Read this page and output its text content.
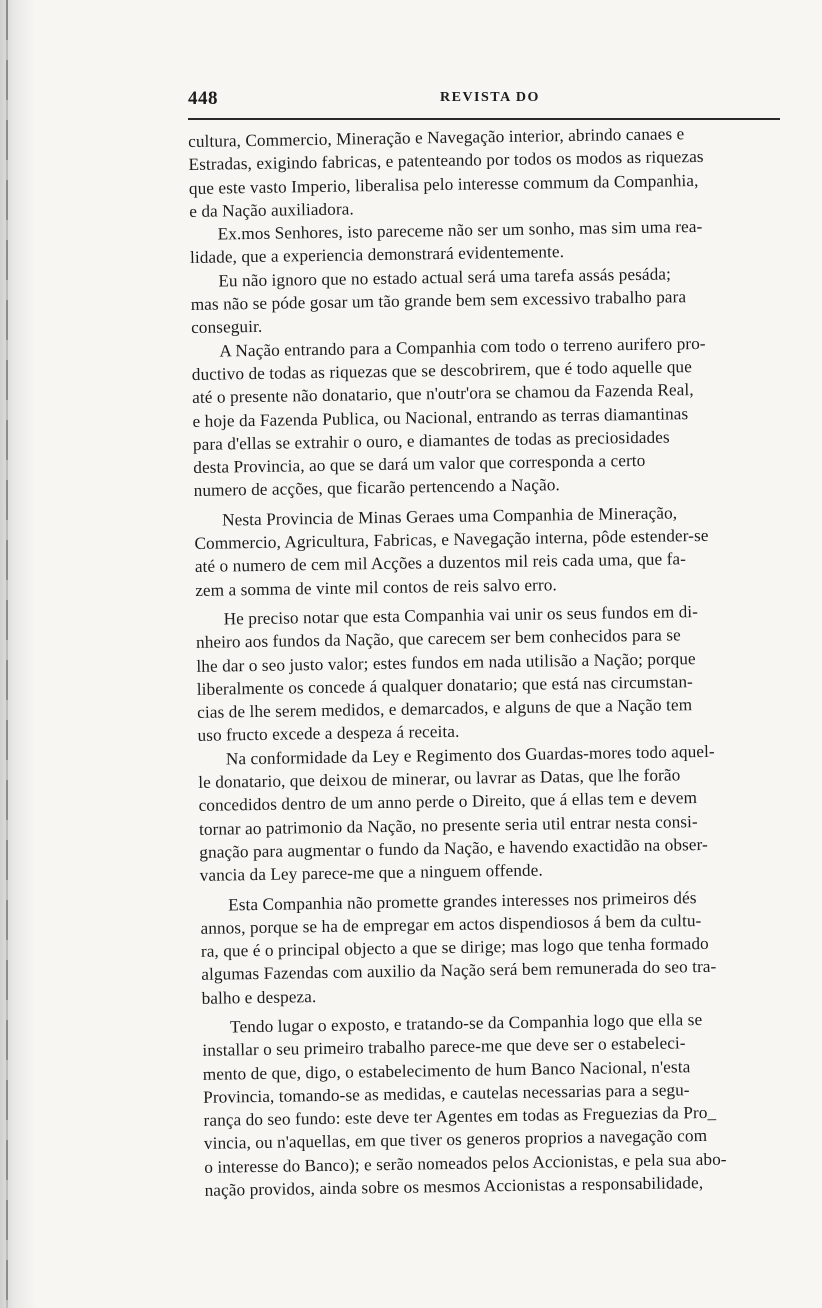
448	REVISTA DO
cultura, Commercio, Mineração e Navegação interior, abrindo canaes e
Estradas, exigindo fabricas, e patenteando por todos os modos as riquezas
que este vasto Imperio, liberalisa pelo interesse commum da Companhia,
e da Nação auxiliadora.
Ex.mos Senhores, isto pareceme não ser um sonho, mas sim uma rea-
lidade, que a experiencia demonstrará evidentemente.
Eu não ignoro que no estado actual será uma tarefa assás pesáda;
mas não se póde gosar um tão grande bem sem excessivo trabalho para
conseguir.
A Nação entrando para a Companhia com todo o terreno aurifero pro-
ductivo de todas as riquezas que se descobrirem, que é todo aquelle que
até o presente não donatario, que n'outr'ora se chamou da Fazenda Real,
e hoje da Fazenda Publica, ou Nacional, entrando as terras diamantinas
para d'ellas se extrahir o ouro, e diamantes de todas as preciosidades
desta Provincia, ao que se dará um valor que corresponda a certo
numero de acções, que ficarão pertencendo a Nação.
Nesta Provincia de Minas Geraes uma Companhia de Mineração,
Commercio, Agricultura, Fabricas, e Navegação interna, pôde estender-se
até o numero de cem mil Acções a duzentos mil reis cada uma, que fa-
zem a somma de vinte mil contos de reis salvo erro.
He preciso notar que esta Companhia vai unir os seus fundos em di-
nheiro aos fundos da Nação, que carecem ser bem conhecidos para se
lhe dar o seo justo valor; estes fundos em nada utilisão a Nação; porque
liberalmente os concede á qualquer donatario; que está nas circumstan-
cias de lhe serem medidos, e demarcados, e alguns de que a Nação tem
uso fructo excede a despeza á receita.
Na conformidade da Ley e Regimento dos Guardas-mores todo aquel-
le donatario, que deixou de minerar, ou lavrar as Datas, que lhe forão
concedidos dentro de um anno perde o Direito, que á ellas tem e devem
tornar ao patrimonio da Nação, no presente seria util entrar nesta consi-
gnação para augmentar o fundo da Nação, e havendo exactidão na obser-
vancia da Ley parece-me que a ninguem offende.
Esta Companhia não promette grandes interesses nos primeiros dés
annos, porque se ha de empregar em actos dispendiosos á bem da cultu-
ra, que é o principal objecto a que se dirige; mas logo que tenha formado
algumas Fazendas com auxilio da Nação será bem remunerada do seo tra-
balho e despeza.
Tendo lugar o exposto, e tratando-se da Companhia logo que ella se
installar o seu primeiro trabalho parece-me que deve ser o estabeleci-
mento de que, digo, o estabelecimento de hum Banco Nacional, n'esta
Provincia, tomando-se as medidas, e cautelas necessarias para a segu-
rança do seo fundo: este deve ter Agentes em todas as Freguezias da Pro_
vincia, ou n'aquellas, em que tiver os generos proprios a navegação com
o interesse do Banco); e serão nomeados pelos Accionistas, e pela sua abo-
nação providos, ainda sobre os mesmos Accionistas a responsabilidade,
